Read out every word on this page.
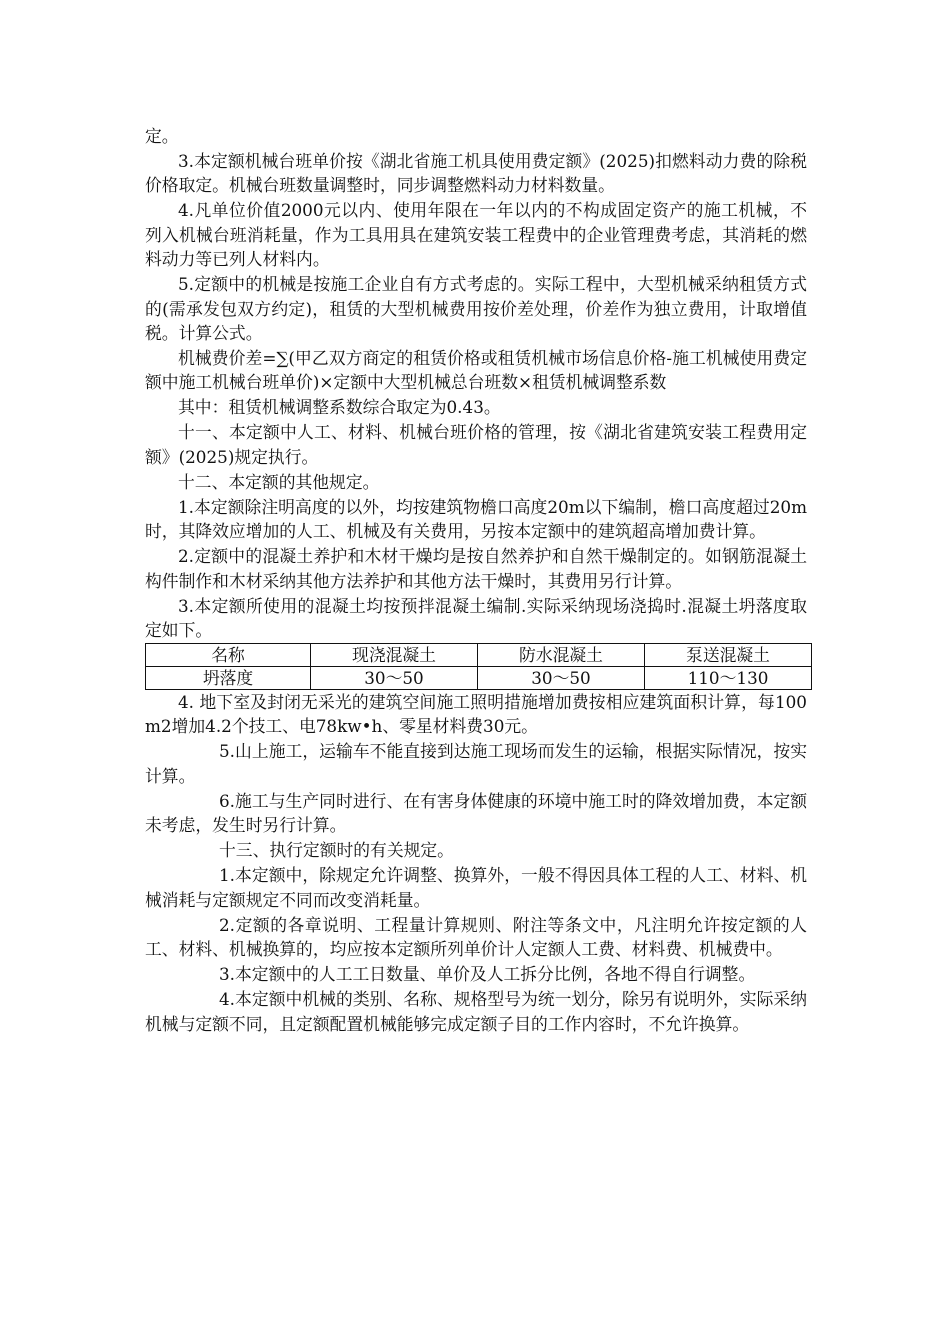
定。

3.本定额机械台班单价按《湖北省施工机具使用费定额》(2025)扣燃料动力费的除税价格取定。机械台班数量调整时，同步调整燃料动力材料数量。

4.凡单位价值2000元以内、使用年限在一年以内的不构成固定资产的施工机械，不列入机械台班消耗量，作为工具用具在建筑安装工程费中的企业管理费考虑，其消耗的燃料动力等已列人材料内。

5.定额中的机械是按施工企业自有方式考虑的。实际工程中，大型机械采纳租赁方式的(需承发包双方约定)，租赁的大型机械费用按价差处理，价差作为独立费用，计取增值税。计算公式。

机械费价差=∑(甲乙双方商定的租赁价格或租赁机械市场信息价格-施工机械使用费定额中施工机械台班单价)×定额中大型机械总台班数×租赁机械调整系数

其中：租赁机械调整系数综合取定为0.43。

十一、本定额中人工、材料、机械台班价格的管理，按《湖北省建筑安装工程费用定额》(2025)规定执行。

十二、本定额的其他规定。

1.本定额除注明高度的以外，均按建筑物檐口高度20m以下编制，檐口高度超过20m时，其降效应增加的人工、机械及有关费用，另按本定额中的建筑超高增加费计算。

2.定额中的混凝土养护和木材干燥均是按自然养护和自然干燥制定的。如钢筋混凝土构件制作和木材采纳其他方法养护和其他方法干燥时，其费用另行计算。

3.本定额所使用的混凝土均按预拌混凝土编制.实际采纳现场浇捣时.混凝土坍落度取定如下。

名称	现浇混凝土	防水混凝土	泵送混凝土
坍落度	30～50	30～50	110～130

4. 地下室及封闭无采光的建筑空间施工照明措施增加费按相应建筑面积计算，每100m2增加4.2个技工、电78kw•h、零星材料费30元。

5.山上施工，运输车不能直接到达施工现场而发生的运输，根据实际情况，按实计算。

6.施工与生产同时进行、在有害身体健康的环境中施工时的降效增加费，本定额未考虑，发生时另行计算。

十三、执行定额时的有关规定。

1.本定额中，除规定允许调整、换算外，一般不得因具体工程的人工、材料、机械消耗与定额规定不同而改变消耗量。

2.定额的各章说明、工程量计算规则、附注等条文中，凡注明允许按定额的人工、材料、机械换算的，均应按本定额所列单价计人定额人工费、材料费、机械费中。

3.本定额中的人工工日数量、单价及人工拆分比例，各地不得自行调整。

4.本定额中机械的类别、名称、规格型号为统一划分，除另有说明外，实际采纳机械与定额不同，且定额配置机械能够完成定额子目的工作内容时，不允许换算。
